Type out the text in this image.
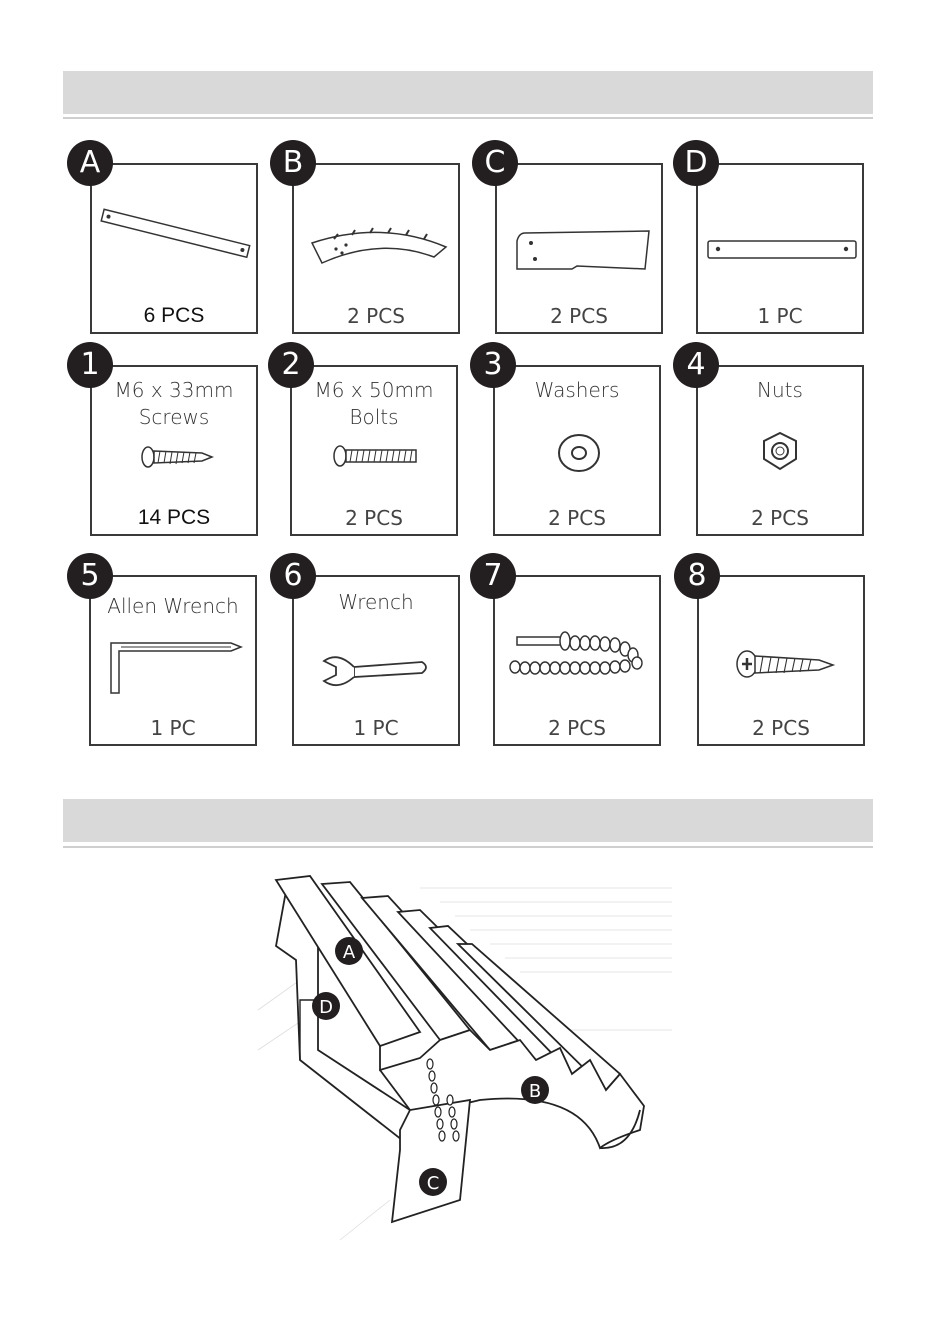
6 PCS
A
2 PCS
B
2 PCS
C
1 PC
D
M6 x 33mm
Screws
14 PCS
1
M6 x 50mm
Bolts
2 PCS
2
Washers
2 PCS
3
Nuts
2 PCS
4
Allen Wrench
1 PC
5
Wrench
1 PC
6
2 PCS
7
2 PCS
8
A
D
B
C
